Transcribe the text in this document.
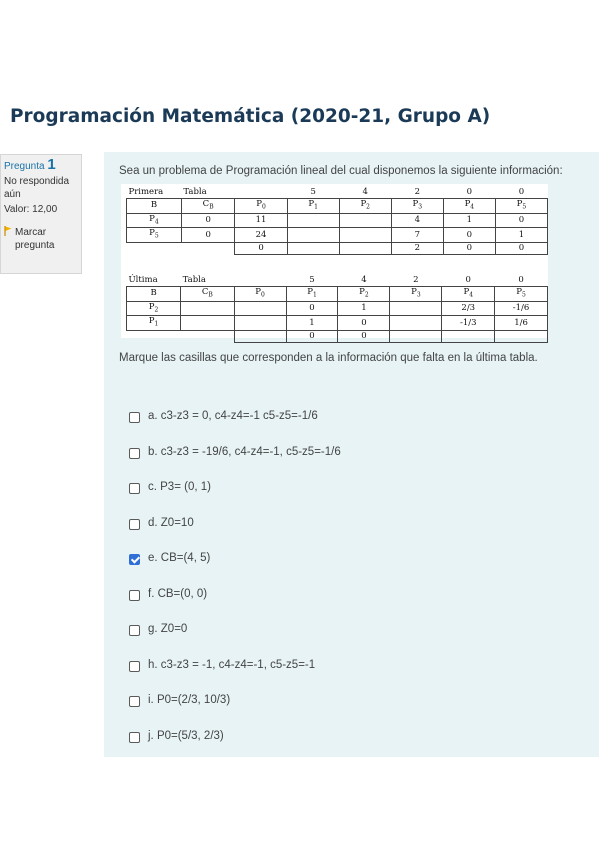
Programación Matemática (2020-21, Grupo A)
Pregunta 1
No respondida
aún
Valor: 12,00
Marcar
pregunta

Sea un problema de Programación lineal del cual disponemos la siguiente información:

Primera	Tabla		5	4	2	0	0
B	$C_B$	$P_0$	$P_1$	$P_2$	$P_3$	$P_4$	$P_5$
$P_4$	0	11			4	1	0
$P_5$	0	24			7	0	1
		0			2	0	0
Última	Tabla		5	4	2	0	0
B	$C_B$	$P_0$	$P_1$	$P_2$	$P_3$	$P_4$	$P_5$
$P_2$			0	1		2/3	-1/6
$P_1$			1	0		-1/3	1/6
			0	0			

Marque las casillas que corresponden a la información que falta en la última tabla.

a. c3-z3 = 0, c4-z4=-1 c5-z5=-1/6
b. c3-z3 = -19/6, c4-z4=-1, c5-z5=-1/6
c. P3= (0, 1)
d. Z0=10
e. CB=(4, 5)
f. CB=(0, 0)
g. Z0=0
h. c3-z3 = -1, c4-z4=-1, c5-z5=-1
i. P0=(2/3, 10/3)
j. P0=(5/3, 2/3)
